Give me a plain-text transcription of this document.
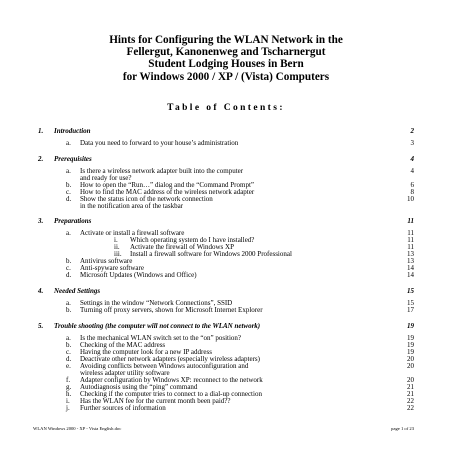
Hints for Configuring the WLAN Network in the
Fellergut, Kanonenweg and Tscharnergut
Student Lodging Houses in Bern
for Windows 2000 / XP / (Vista) Computers
Table of Contents:
1. Introduction	2
a. Data you need to forward to your house’s administration	3
2. Prerequisites	4
a. Is there a wireless network adapter built into the computer	4
and ready for use?
b. How to open the “Run…” dialog and the “Command Prompt”	6
c. How to find the MAC address of the wireless network adapter	8
d. Show the status icon of the network connection	10
in the notification area of the taskbar
3. Preparations	11
a. Activate or install a firewall software	11
i. Which operating system do I have installed?	11
ii. Activate the firewall of Windows XP	11
iii. Install a firewall software for Windows 2000 Professional	13
b. Antivirus software	13
c. Anti-spyware software	14
d. Microsoft Updates (Windows and Office)	14
4. Needed Settings	15
a. Settings in the window “Network Connections”, SSID	15
b. Turning off proxy servers, shown for Microsoft Internet Explorer	17
5. Trouble shooting (the computer will not connect to the WLAN network)	19
a. Is the mechanical WLAN switch set to the “on” position?	19
b. Checking of the MAC address	19
c. Having the computer look for a new IP address	19
d. Deactivate other network adapters (especially wireless adapters)	20
e. Avoiding conflicts between Windows autoconfiguration and	20
wireless adapter utility software
f. Adapter configuration by Windows XP: reconnect to the network	20
g. Autodiagnosis using the “ping” command	21
h. Checking if the computer tries to connect to a dial-up connection	21
i. Has the WLAN fee for the current month been paid??	22
j. Further sources of information	22
WLAN Windows 2000 - XP - Vista English.doc	page 1 of 23
